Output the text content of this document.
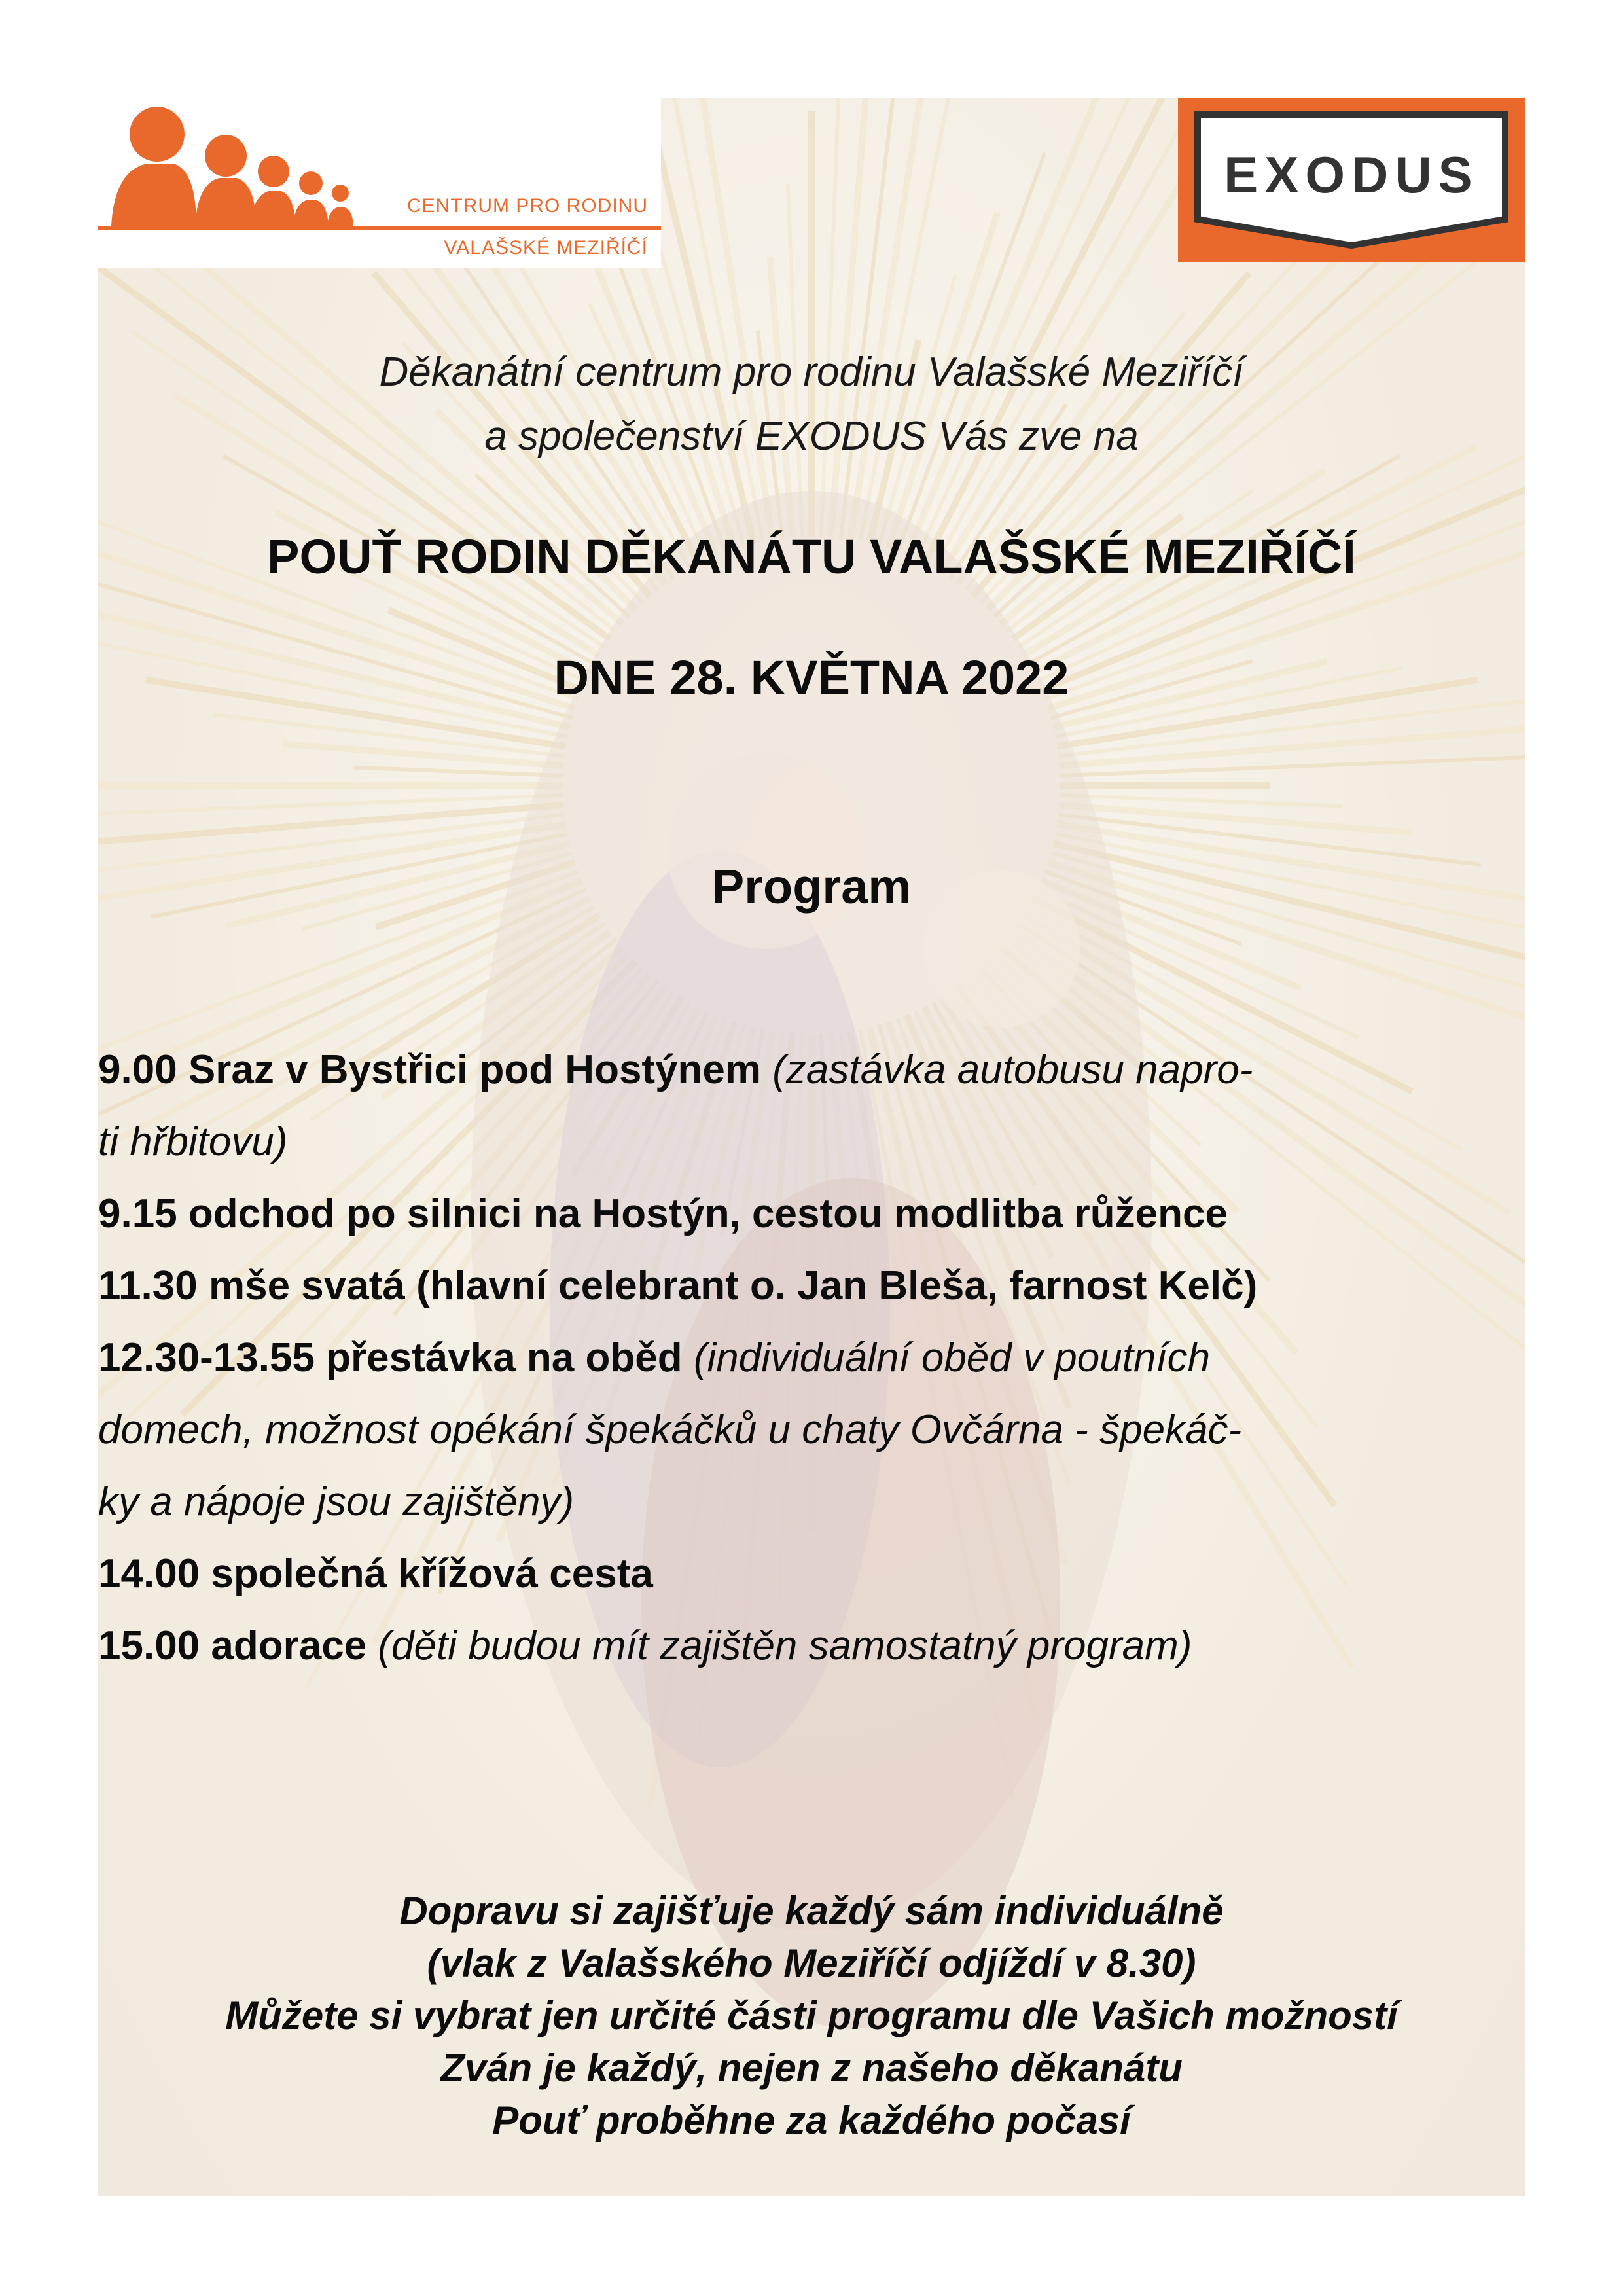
CENTRUM PRO RODINU
VALAŠSKÉ MEZIŘÍČÍ
EXODUS
Děkanátní centrum pro rodinu Valašské Meziříčí
a společenství EXODUS Vás zve na
POUŤ RODIN DĚKANÁTU VALAŠSKÉ MEZIŘÍČÍ
DNE 28. KVĚTNA 2022
Program
9.00 Sraz v Bystřici pod Hostýnem (zastávka autobusu napro-
ti hřbitovu)
9.15 odchod po silnici na Hostýn, cestou modlitba růžence
11.30 mše svatá (hlavní celebrant o. Jan Bleša, farnost Kelč)
12.30-13.55 přestávka na oběd (individuální oběd v poutních
domech, možnost opékání špekáčků u chaty Ovčárna - špekáč-
ky a nápoje jsou zajištěny)
14.00 společná křížová cesta
15.00 adorace (děti budou mít zajištěn samostatný program)
Dopravu si zajišťuje každý sám individuálně
(vlak z Valašského Meziříčí odjíždí v 8.30)
Můžete si vybrat jen určité části programu dle Vašich možností
Zván je každý, nejen z našeho děkanátu
Pouť proběhne za každého počasí
